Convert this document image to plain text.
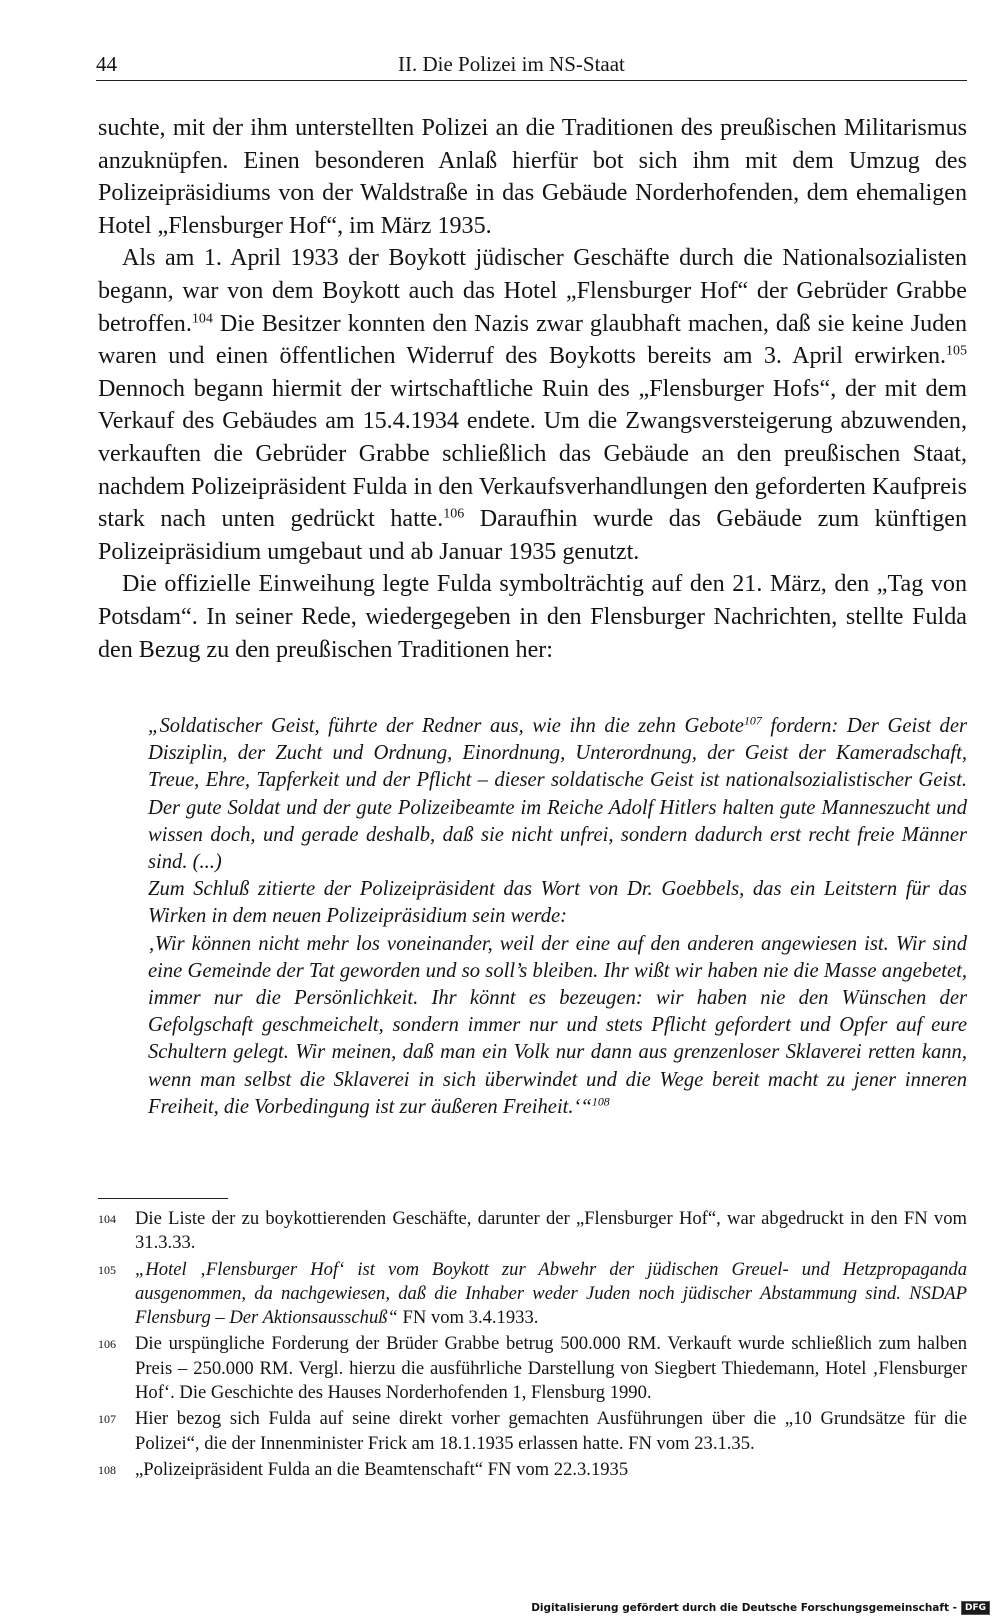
44	II. Die Polizei im NS-Staat

suchte, mit der ihm unterstellten Polizei an die Traditionen des preußischen Militarismus anzuknüpfen. Einen besonderen Anlaß hierfür bot sich ihm mit dem Umzug des Polizeipräsidiums von der Waldstraße in das Gebäude Norderhofenden, dem ehemaligen Hotel „Flensburger Hof“, im März 1935.

Als am 1. April 1933 der Boykott jüdischer Geschäfte durch die Nationalsozialisten begann, war von dem Boykott auch das Hotel „Flensburger Hof“ der Gebrüder Grabbe betroffen.$^{104}$ Die Besitzer konnten den Nazis zwar glaubhaft machen, daß sie keine Juden waren und einen öffentlichen Widerruf des Boykotts bereits am 3. April erwirken.$^{105}$ Dennoch begann hiermit der wirtschaftliche Ruin des „Flensburger Hofs“, der mit dem Verkauf des Gebäudes am 15.4.1934 endete. Um die Zwangsversteigerung abzuwenden, verkauften die Gebrüder Grabbe schließlich das Gebäude an den preußischen Staat, nachdem Polizeipräsident Fulda in den Verkaufsverhandlungen den geforderten Kaufpreis stark nach unten gedrückt hatte.$^{106}$ Daraufhin wurde das Gebäude zum künftigen Polizeipräsidium umgebaut und ab Januar 1935 genutzt.

Die offizielle Einweihung legte Fulda symbolträchtig auf den 21. März, den „Tag von Potsdam“. In seiner Rede, wiedergegeben in den Flensburger Nachrichten, stellte Fulda den Bezug zu den preußischen Traditionen her:

„Soldatischer Geist, führte der Redner aus, wie ihn die zehn Gebote$^{107}$ fordern: Der Geist der Disziplin, der Zucht und Ordnung, Einordnung, Unterordnung, der Geist der Kameradschaft, Treue, Ehre, Tapferkeit und der Pflicht – dieser soldatische Geist ist nationalsozialistischer Geist. Der gute Soldat und der gute Polizeibeamte im Reiche Adolf Hitlers halten gute Manneszucht und wissen doch, und gerade deshalb, daß sie nicht unfrei, sondern dadurch erst recht freie Männer sind. (...)

Zum Schluß zitierte der Polizeipräsident das Wort von Dr. Goebbels, das ein Leitstern für das Wirken in dem neuen Polizeipräsidium sein werde:

‚Wir können nicht mehr los voneinander, weil der eine auf den anderen angewiesen ist. Wir sind eine Gemeinde der Tat geworden und so soll’s bleiben. Ihr wißt wir haben nie die Masse angebetet, immer nur die Persönlichkeit. Ihr könnt es bezeugen: wir haben nie den Wünschen der Gefolgschaft geschmeichelt, sondern immer nur und stets Pflicht gefordert und Opfer auf eure Schultern gelegt. Wir meinen, daß man ein Volk nur dann aus grenzenloser Sklaverei retten kann, wenn man selbst die Sklaverei in sich überwindet und die Wege bereit macht zu jener inneren Freiheit, die Vorbedingung ist zur äußeren Freiheit.‘“$^{108}$

104 Die Liste der zu boykottierenden Geschäfte, darunter der „Flensburger Hof“, war abgedruckt in den FN vom 31.3.33.
105 „Hotel ‚Flensburger Hof‘ ist vom Boykott zur Abwehr der jüdischen Greuel- und Hetzpropaganda ausgenommen, da nachgewiesen, daß die Inhaber weder Juden noch jüdischer Abstammung sind. NSDAP Flensburg – Der Aktionsausschuß“ FN vom 3.4.1933.
106 Die urspüngliche Forderung der Brüder Grabbe betrug 500.000 RM. Verkauft wurde schließlich zum halben Preis – 250.000 RM. Vergl. hierzu die ausführliche Darstellung von Siegbert Thiedemann, Hotel ‚Flensburger Hof‘. Die Geschichte des Hauses Norderhofenden 1, Flensburg 1990.
107 Hier bezog sich Fulda auf seine direkt vorher gemachten Ausführungen über die „10 Grundsätze für die Polizei“, die der Innenminister Frick am 18.1.1935 erlassen hatte. FN vom 23.1.35.
108 „Polizeipräsident Fulda an die Beamtenschaft“ FN vom 22.3.1935
Digitalisierung gefördert durch die Deutsche Forschungsgemeinschaft - DFG
